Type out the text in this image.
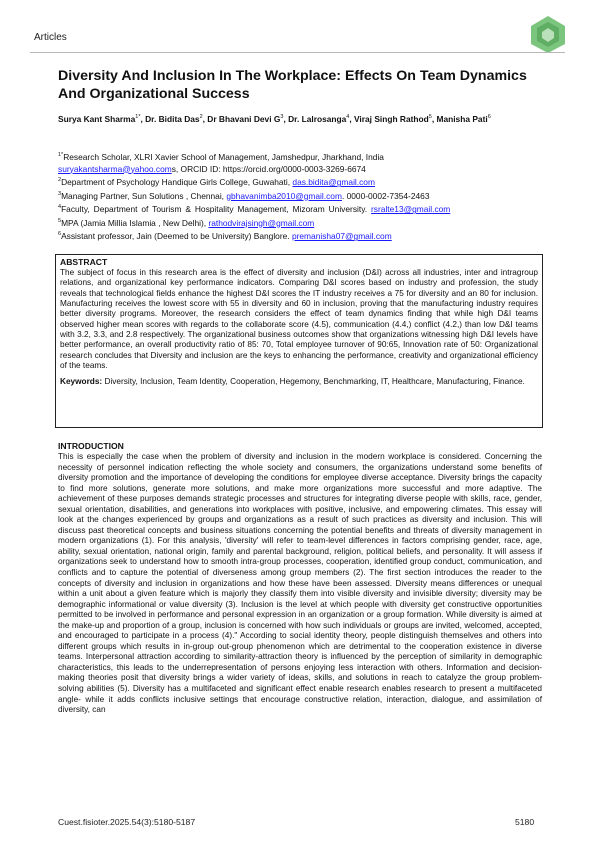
Articles
Diversity And Inclusion In The Workplace: Effects On Team Dynamics And Organizational Success

Surya Kant Sharma$^{1*}$, Dr. Bidita Das$^2$, Dr Bhavani Devi $G^3$, Dr. Lalrosanga$^4$, Viraj Singh Rathod$^5$, Manisha Pati$^6$

$^{1*}$Research Scholar, XLRI Xavier School of Management, Jamshedpur, Jharkhand, India
suryakantsharma@yahoo.coms, ORCID ID: https://orcid.org/0000-0003-3269-6674
$^2$Department of Psychology Handique Girls College, Guwahati, das.bidita@gmail.com
$^3$Managing Partner, Sun Solutions , Chennai, gbhavanimba2010@gmail.com. 0000-0002-7354-2463
$^4$Faculty, Department of Tourism & Hospitality Management, Mizoram University. rsralte13@gmail.com
$^5$MPA (Jamia Millia Islamia , New Delhi), rathodvirajsingh@gmail.com
$^6$Assistant professor, Jain (Deemed to be University) Banglore. premanisha07@gmail.com

ABSTRACT

The subject of focus in this research area is the effect of diversity and inclusion (D&I) across all industries, inter and intragroup relations, and organizational key performance indicators. Comparing D&I scores based on industry and profession, the study reveals that technological fields enhance the highest D&I scores the IT industry receives a 75 for diversity and an 80 for inclusion. Manufacturing receives the lowest score with 55 in diversity and 60 in inclusion, proving that the manufacturing industry requires better diversity programs. Moreover, the research considers the effect of team dynamics finding that while high D&I teams observed higher mean scores with regards to the collaborate score (4.5), communication (4.4,) conflict (4.2,) than low D&I teams with 3.2, 3.3, and 2.8 respectively. The organizational business outcomes show that organizations witnessing high D&I levels have better performance, an overall productivity ratio of 85: 70, Total employee turnover of 90:65, Innovation rate of 50: Organizational research concludes that Diversity and inclusion are the keys to enhancing the performance, creativity and organizational efficiency of the teams.

Keywords: Diversity, Inclusion, Team Identity, Cooperation, Hegemony, Benchmarking, IT, Healthcare, Manufacturing, Finance.

INTRODUCTION

This is especially the case when the problem of diversity and inclusion in the modern workplace is considered. Concerning the necessity of personnel indication reflecting the whole society and consumers, the organizations understand some benefits of diversity promotion and the importance of developing the conditions for employee diverse acceptance. Diversity brings the capacity to find more solutions, generate more solutions, and make more organizations more successful and more adaptive. The achievement of these purposes demands strategic processes and structures for integrating diverse people with skills, race, gender, sexual orientation, disabilities, and generations into workplaces with positive, inclusive, and empowering climates. This essay will look at the changes experienced by groups and organizations as a result of such practices as diversity and inclusion. This will discuss past theoretical concepts and business situations concerning the potential benefits and threats of diversity management in modern organizations (1). For this analysis, 'diversity' will refer to team-level differences in factors comprising gender, race, age, ability, sexual orientation, national origin, family and parental background, religion, political beliefs, and personality. It will assess if organizations seek to understand how to smooth intra-group processes, cooperation, identified group conduct, communication, and conflicts and to capture the potential of diverseness among group members (2). The first section introduces the reader to the concepts of diversity and inclusion in organizations and how these have been assessed. Diversity means differences or unequal within a unit about a given feature which is majorly they classify them into visible diversity and invisible diversity; diversity may be demographic informational or value diversity (3). Inclusion is the level at which people with diversity get constructive opportunities permitted to be involved in performance and personal expression in an organization or a group formation. While diversity is aimed at the make-up and proportion of a group, inclusion is concerned with how such individuals or groups are invited, welcomed, accepted, and encouraged to participate in a process (4)." According to social identity theory, people distinguish themselves and others into different groups which results in in-group out-group phenomenon which are detrimental to the cooperation existence in diverse teams. Interpersonal attraction according to similarity-attraction theory is influenced by the perception of similarity in demographic characteristics, this leads to the underrepresentation of persons enjoying less interaction with others. Information and decision-making theories posit that diversity brings a wider variety of ideas, skills, and solutions in reach to catalyze the group problem-solving abilities (5). Diversity has a multifaceted and significant effect enable research enables research to present a multifaceted angle- while it adds conflicts inclusive settings that encourage constructive relation, interaction, dialogue, and assimilation of diversity, can

Cuest.fisioter.2025.54(3):5180-5187	5180
